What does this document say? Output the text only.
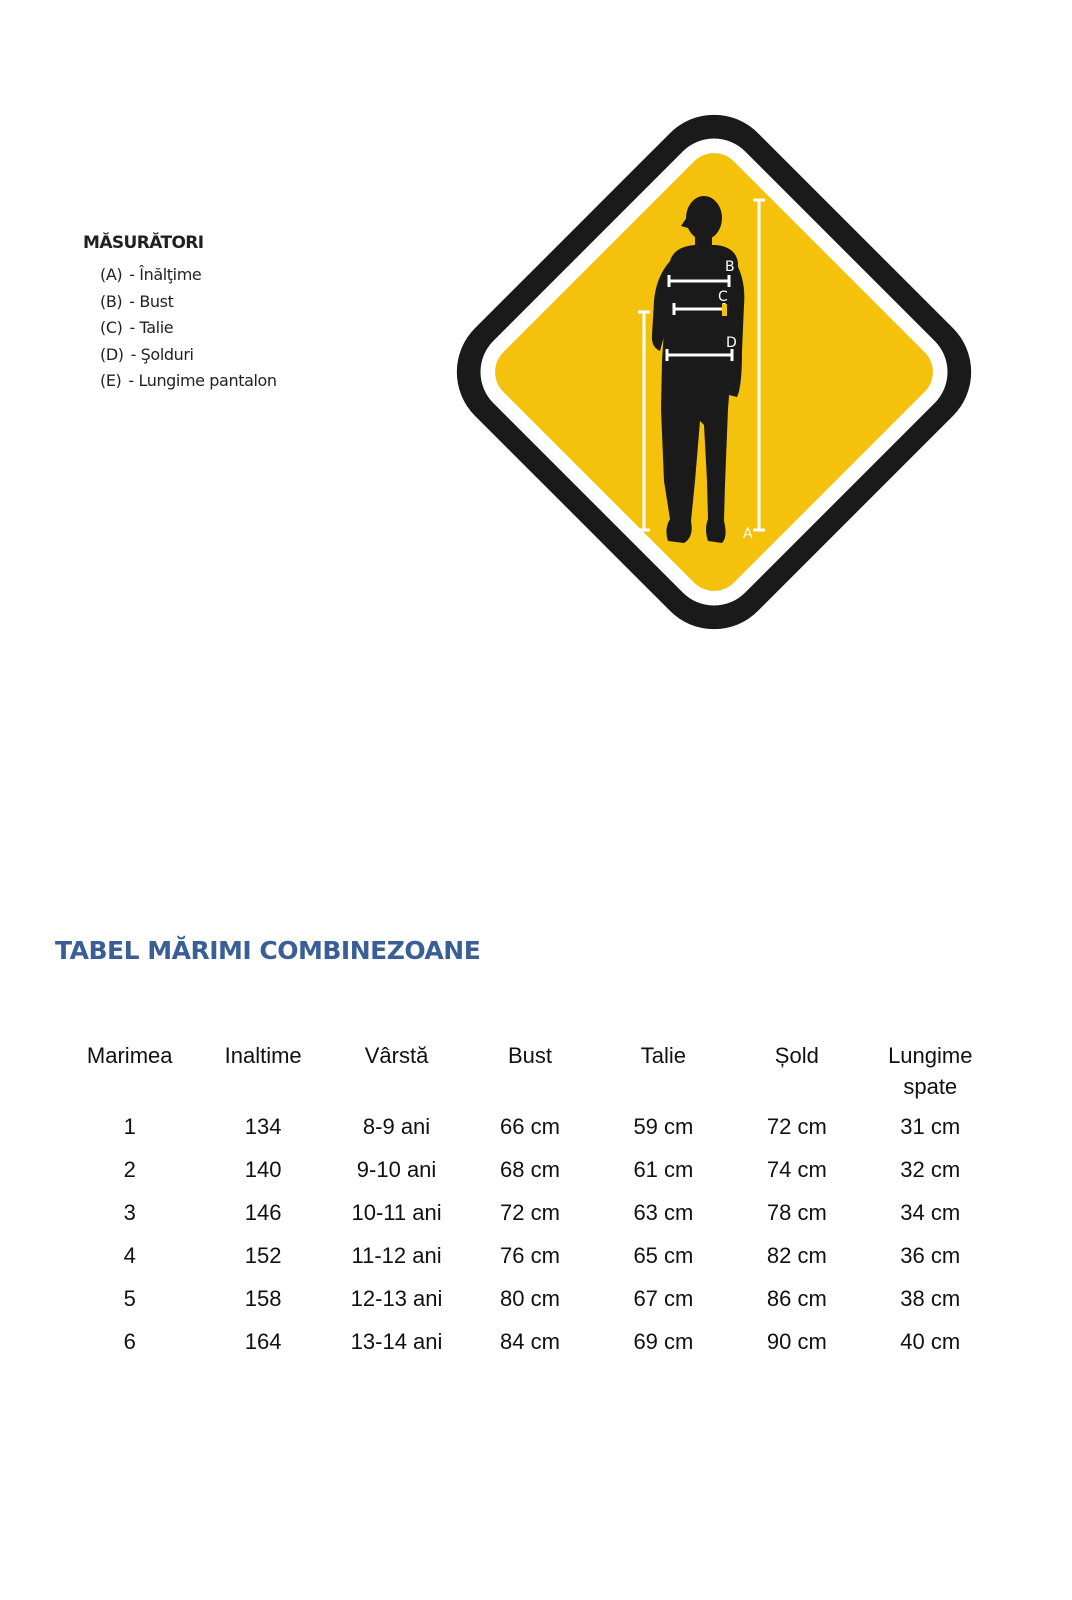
MĂSURĂTORI
(A) - Înălţime
(B) - Bust
(C) - Talie
(D) - Şolduri
(E) - Lungime pantalon
A
E
B
C
D
TABEL MĂRIMI COMBINEZOANE
Marimea	Inaltime	Vârstă	Bust	Talie	Șold	Lungime
spate
1	134	8-9 ani	66 cm	59 cm	72 cm	31 cm
2	140	9-10 ani	68 cm	61 cm	74 cm	32 cm
3	146	10-11 ani	72 cm	63 cm	78 cm	34 cm
4	152	11-12 ani	76 cm	65 cm	82 cm	36 cm
5	158	12-13 ani	80 cm	67 cm	86 cm	38 cm
6	164	13-14 ani	84 cm	69 cm	90 cm	40 cm
